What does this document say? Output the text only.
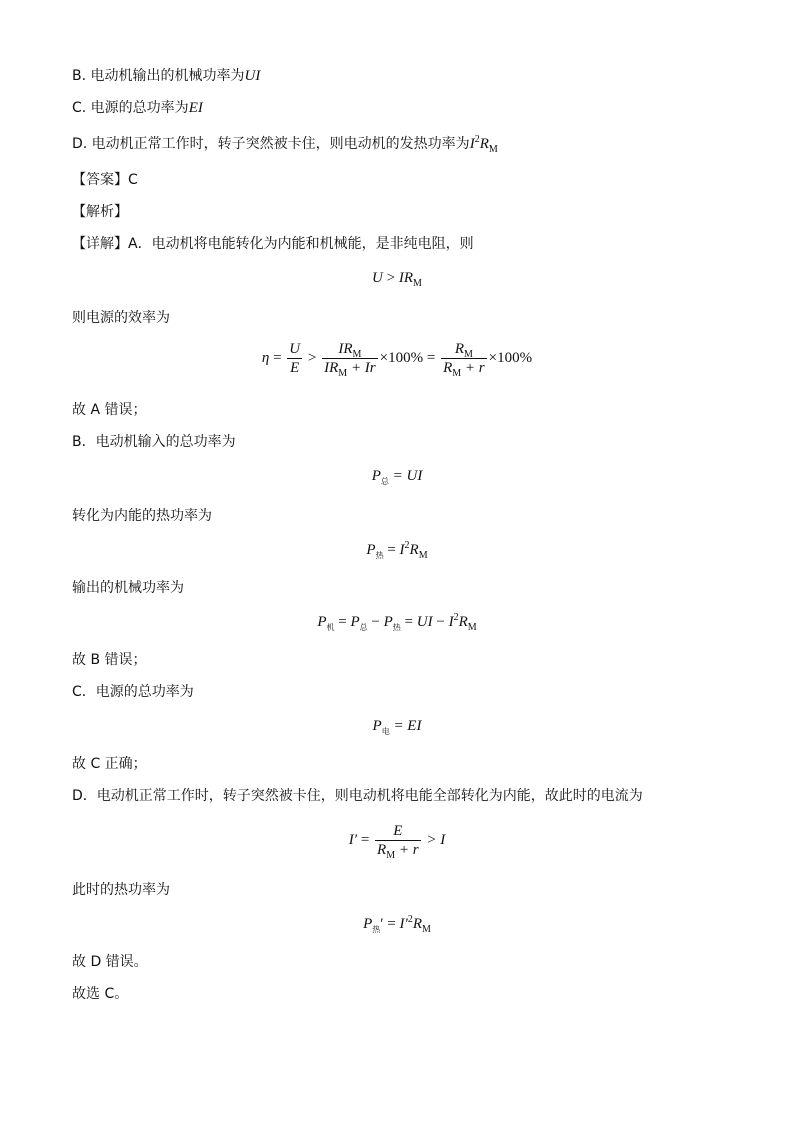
B. 电动机输出的机械功率为UI
C. 电源的总功率为EI
D. 电动机正常工作时，转子突然被卡住，则电动机的发热功率为$I^2R_M$
【答案】C
【解析】
【详解】A．电动机将电能转化为内能和机械能，是非纯电阻，则
$U > IR_M$
则电源的效率为
$\eta = \frac{U}{E} > \frac{IR_M}{IR_M + Ir} \times 100\% = \frac{R_M}{R_M + r} \times 100\%$
故 A 错误；
B．电动机输入的总功率为
$P_总$ = UI
转化为内能的热功率为
$P_热 = I^2R_M$
输出的机械功率为
$P_机 = P_总 - P_热$ = UI − $I^2R_M$
故 B 错误；
C．电源的总功率为
$P_电$ = EI
故 C 正确；
D．电动机正常工作时，转子突然被卡住，则电动机将电能全部转化为内能，故此时的电流为
$I' = \frac{E}{R_M + r} > I$
此时的热功率为
$P_热' = I'^2R_M$
故 D 错误。
故选 C。
